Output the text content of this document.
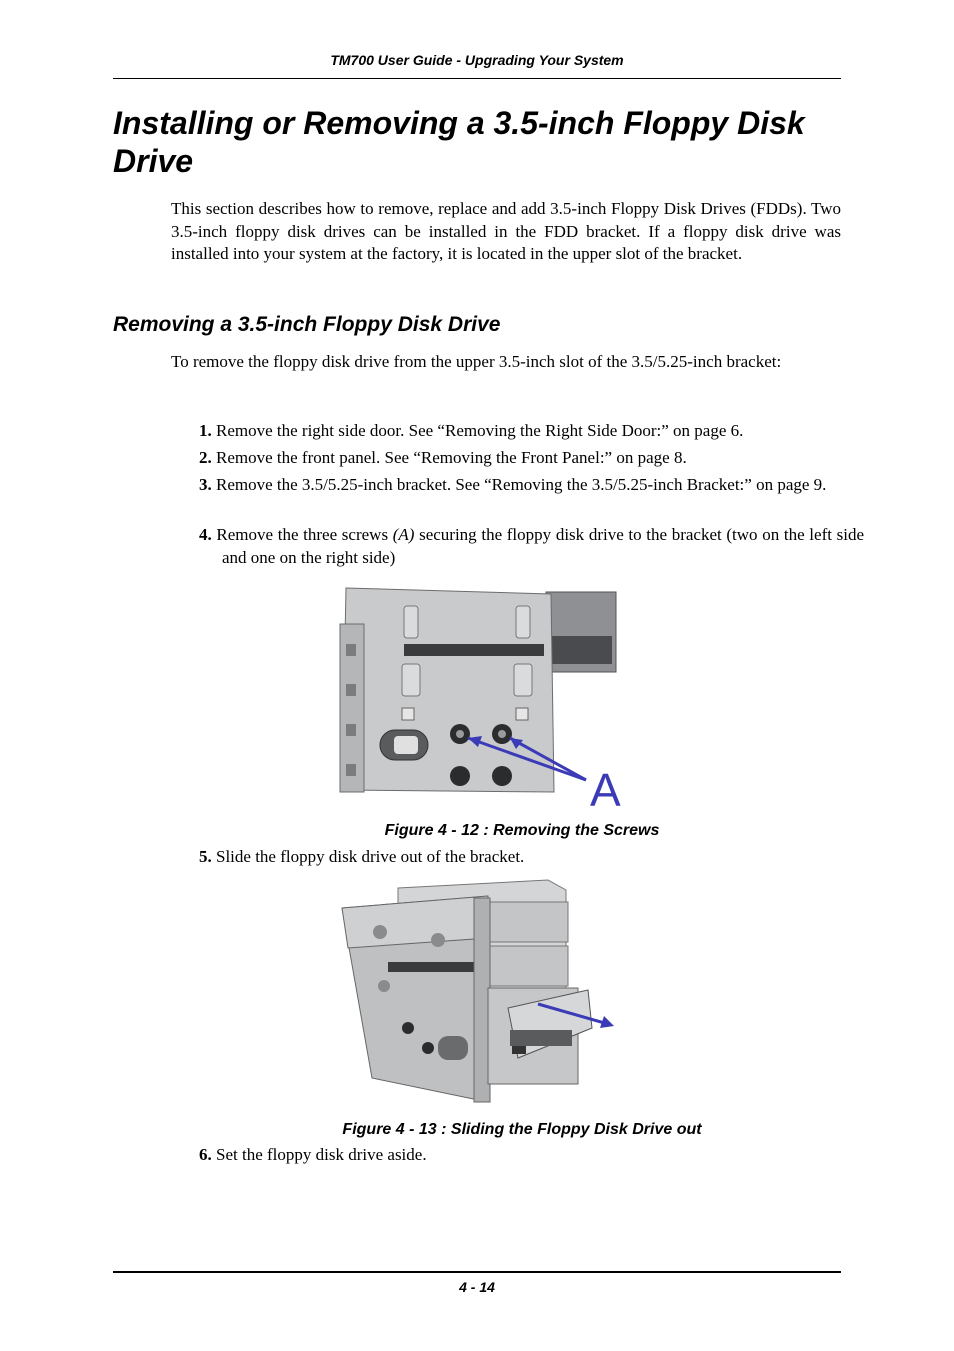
TM700 User Guide - Upgrading Your System
Installing or Removing a 3.5-inch Floppy Disk Drive

This section describes how to remove, replace and add 3.5-inch Floppy Disk Drives (FDDs). Two 3.5-inch floppy disk drives can be installed in the FDD bracket. If a floppy disk drive was installed into your system at the factory, it is located in the upper slot of the bracket.

Removing a 3.5-inch Floppy Disk Drive

To remove the floppy disk drive from the upper 3.5-inch slot of the 3.5/5.25-inch bracket:

1. Remove the right side door. See “Removing the Right Side Door:” on page 6.

2. Remove the front panel. See “Removing the Front Panel:” on page 8.

3. Remove the 3.5/5.25-inch bracket. See “Removing the 3.5/5.25-inch Bracket:” on page 9.

4. Remove the three screws (A) securing the floppy disk drive to the bracket (two on the left side and one on the right side)

A
Figure 4 - 12 : Removing the Screws

5. Slide the floppy disk drive out of the bracket.

Figure 4 - 13 : Sliding the Floppy Disk Drive out

6. Set the floppy disk drive aside.

4 - 14
